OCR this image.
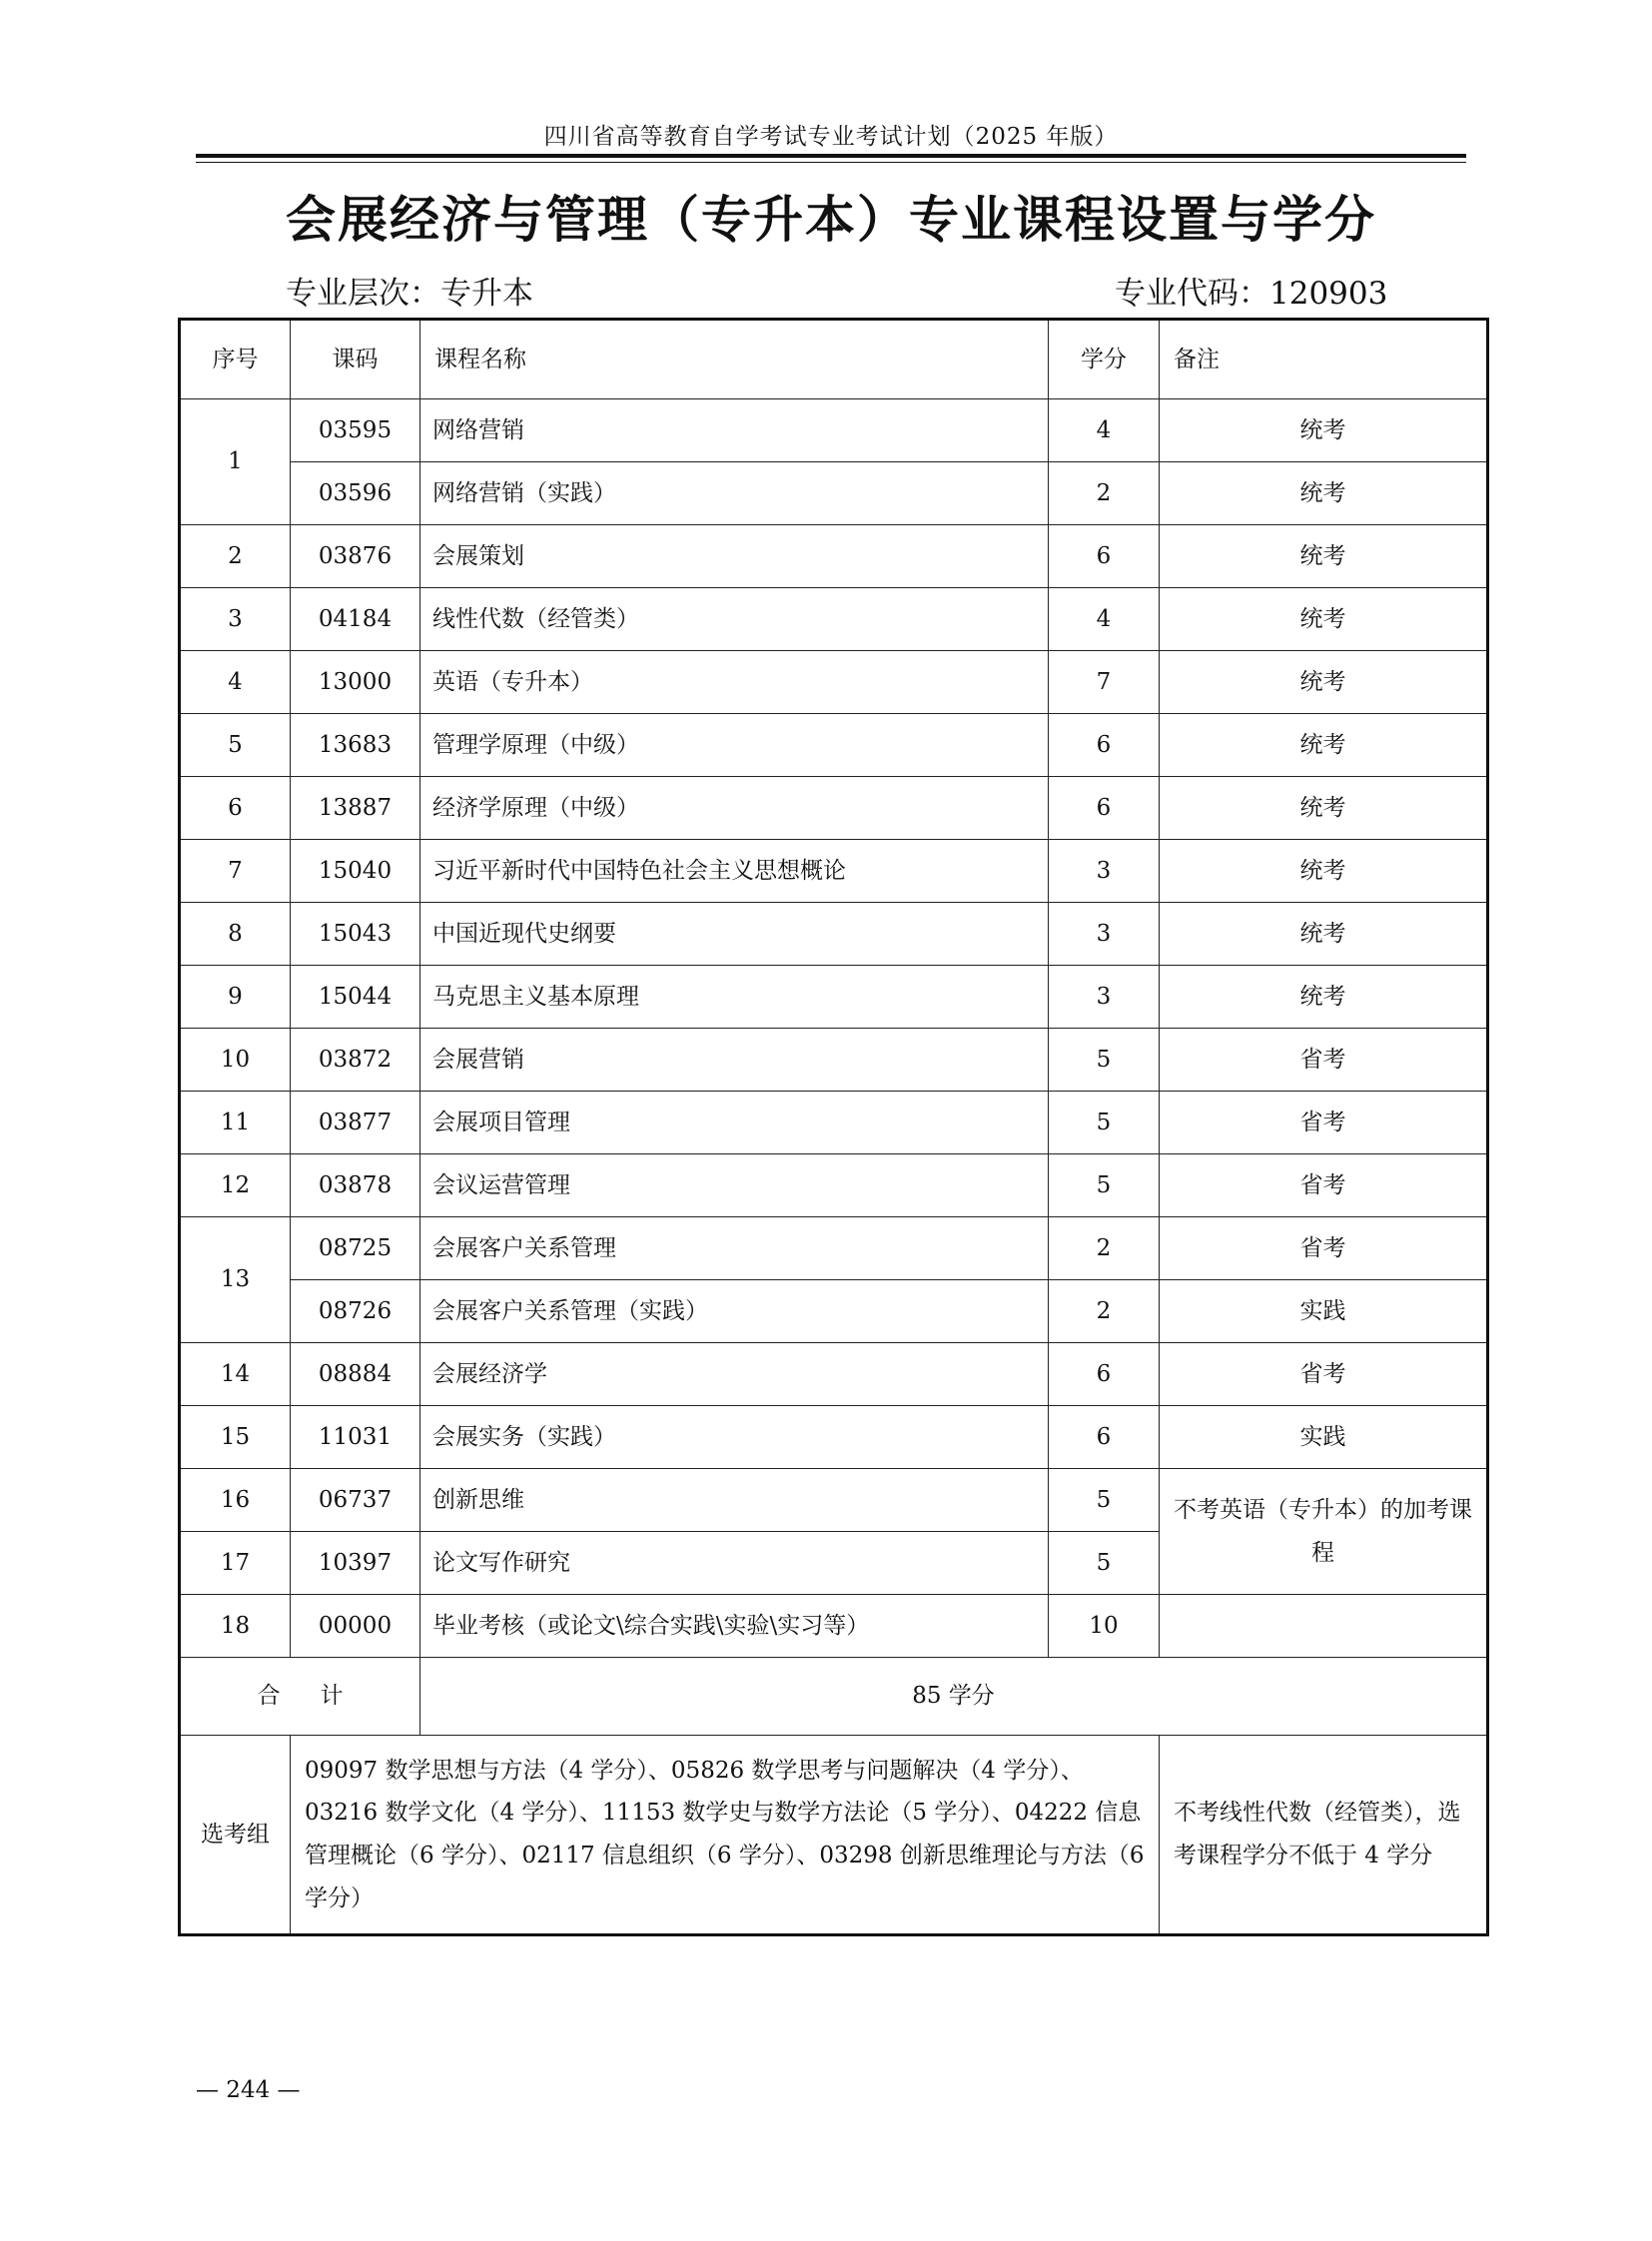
四川省高等教育自学考试专业考试计划（2025 年版）
会展经济与管理（专升本）专业课程设置与学分
专业层次：专升本	专业代码：120903
序号	课码	课程名称	学分	备注
1	03595	网络营销	4	统考
	03596	网络营销（实践）	2	统考
2	03876	会展策划	6	统考
3	04184	线性代数（经管类）	4	统考
4	13000	英语（专升本）	7	统考
5	13683	管理学原理（中级）	6	统考
6	13887	经济学原理（中级）	6	统考
7	15040	习近平新时代中国特色社会主义思想概论	3	统考
8	15043	中国近现代史纲要	3	统考
9	15044	马克思主义基本原理	3	统考
10	03872	会展营销	5	省考
11	03877	会展项目管理	5	省考
12	03878	会议运营管理	5	省考
13	08725	会展客户关系管理	2	省考
	08726	会展客户关系管理（实践）	2	实践
14	08884	会展经济学	6	省考
15	11031	会展实务（实践）	6	实践
16	06737	创新思维	5	不考英语（专升本）的加考课程
17	10397	论文写作研究	5	
18	00000	毕业考核（或论文\综合实践\实验\实习等）	10	
合计		85 学分		
选考组	09097 数学思想与方法（4 学分）、05826 数学思考与问题解决（4 学分）、03216 数学文化（4 学分）、11153 数学史与数学方法论（5 学分）、04222 信息管理概论（6 学分）、02117 信息组织（6 学分）、03298 创新思维理论与方法（6 学分）			不考线性代数（经管类），选考课程学分不低于 4 学分
— 244 —
